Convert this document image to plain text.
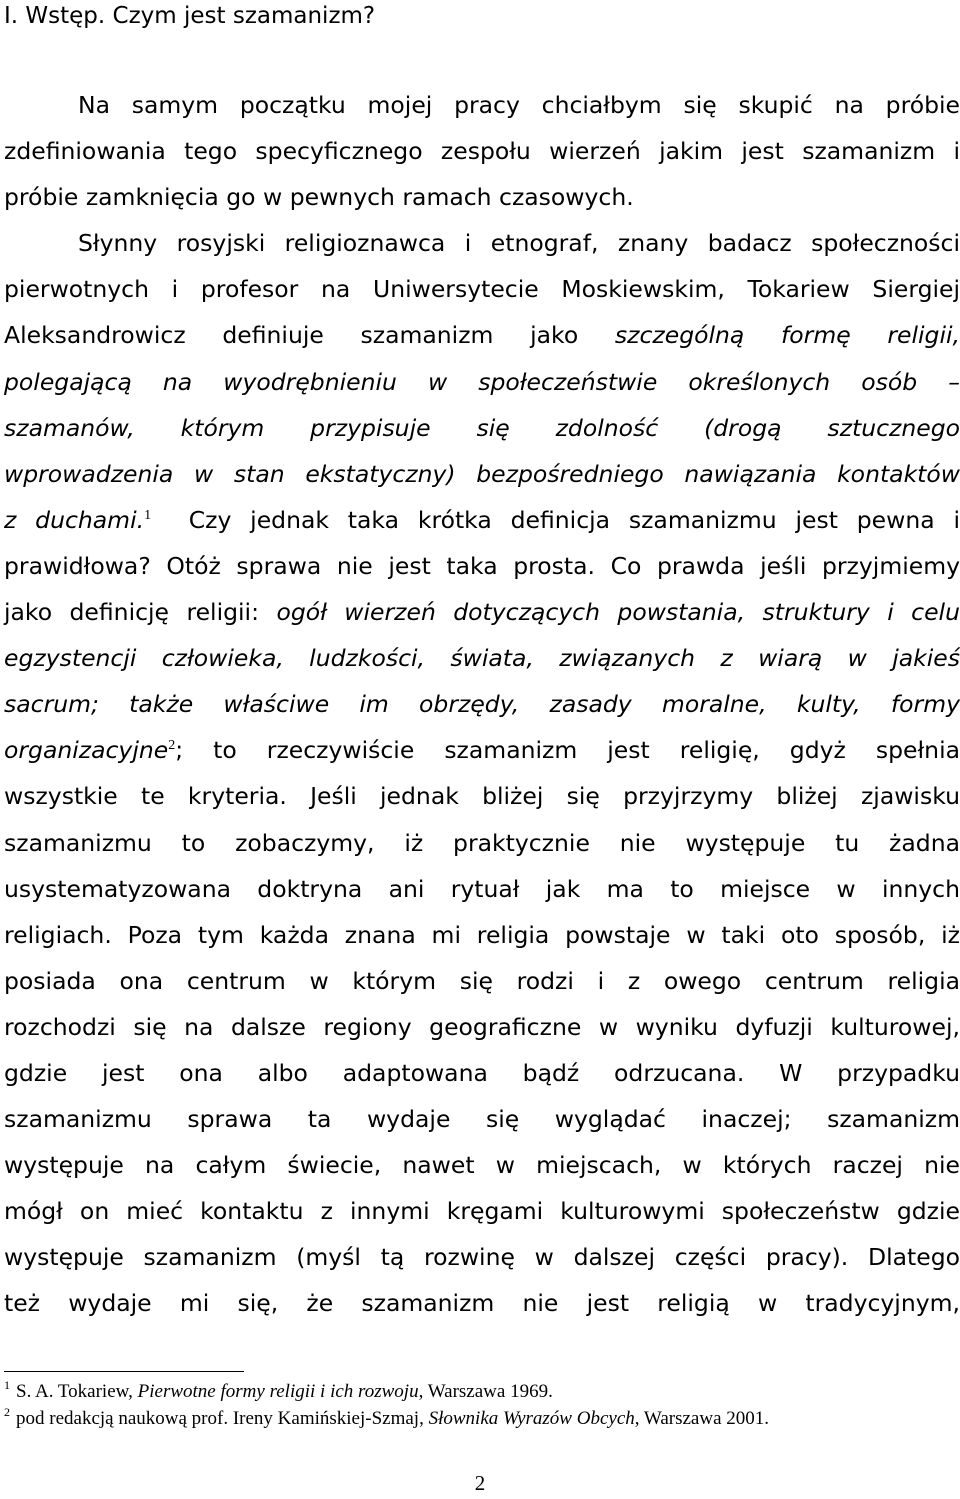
I. Wstęp. Czym jest szamanizm?
Na samym początku mojej pracy chciałbym się skupić na próbie
zdefiniowania tego specyficznego zespołu wierzeń jakim jest szamanizm i
próbie zamknięcia go w pewnych ramach czasowych.
Słynny rosyjski religioznawca i etnograf, znany badacz społeczności
pierwotnych i profesor na Uniwersytecie Moskiewskim, Tokariew Siergiej
Aleksandrowicz definiuje szamanizm jako szczególną formę religii,
polegającą na wyodrębnieniu w społeczeństwie określonych osób –
szamanów, którym przypisuje się zdolność (drogą sztucznego
wprowadzenia w stan ekstatyczny) bezpośredniego nawiązania kontaktów
z duchami.$^1$ Czy jednak taka krótka definicja szamanizmu jest pewna i
prawidłowa? Otóż sprawa nie jest taka prosta. Co prawda jeśli przyjmiemy
jako definicję religii: ogół wierzeń dotyczących powstania, struktury i celu
egzystencji człowieka, ludzkości, świata, związanych z wiarą w jakieś
sacrum; także właściwe im obrzędy, zasady moralne, kulty, formy
organizacyjne$^2$; to rzeczywiście szamanizm jest religię, gdyż spełnia
wszystkie te kryteria. Jeśli jednak bliżej się przyjrzymy bliżej zjawisku
szamanizmu to zobaczymy, iż praktycznie nie występuje tu żadna
usystematyzowana doktryna ani rytuał jak ma to miejsce w innych
religiach. Poza tym każda znana mi religia powstaje w taki oto sposób, iż
posiada ona centrum w którym się rodzi i z owego centrum religia
rozchodzi się na dalsze regiony geograficzne w wyniku dyfuzji kulturowej,
gdzie jest ona albo adaptowana bądź odrzucana. W przypadku
szamanizmu sprawa ta wydaje się wyglądać inaczej; szamanizm
występuje na całym świecie, nawet w miejscach, w których raczej nie
mógł on mieć kontaktu z innymi kręgami kulturowymi społeczeństw gdzie
występuje szamanizm (myśl tą rozwinę w dalszej części pracy). Dlatego
też wydaje mi się, że szamanizm nie jest religią w tradycyjnym,
$^1$ S. A. Tokariew, Pierwotne formy religii i ich rozwoju, Warszawa 1969.
$^2$ pod redakcją naukową prof. Ireny Kamińskiej-Szmaj, Słownika Wyrazów Obcych, Warszawa 2001.
2
